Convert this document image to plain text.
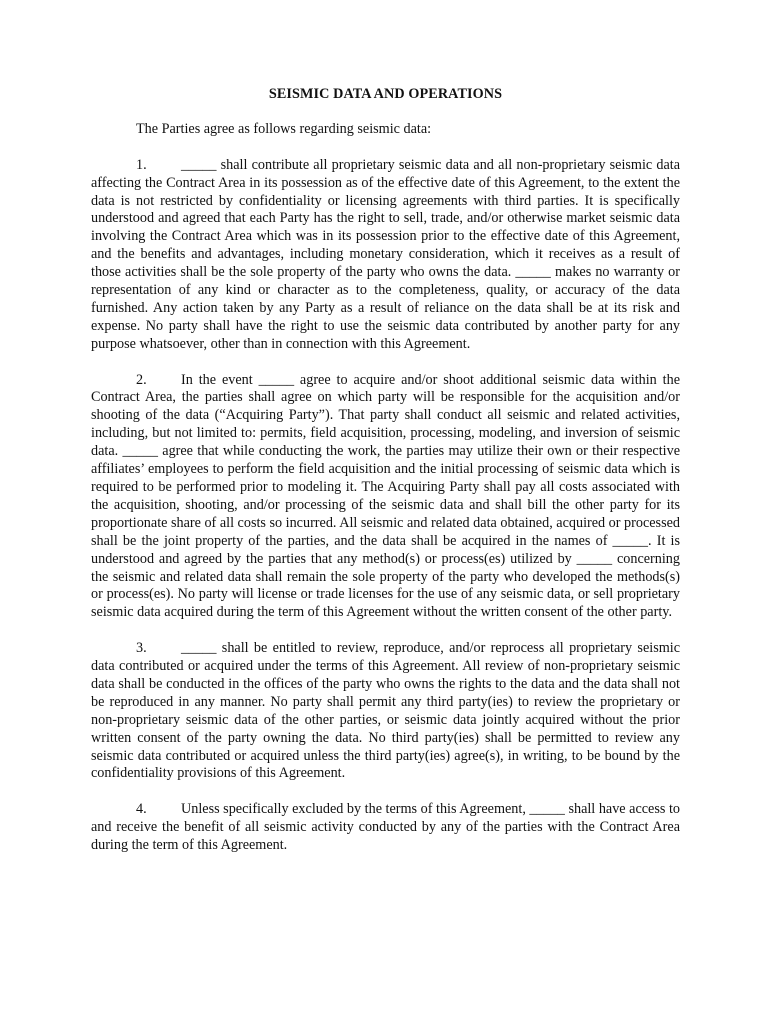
SEISMIC DATA AND OPERATIONS
The Parties agree as follows regarding seismic data:

1. _____ shall contribute all proprietary seismic data and all non-proprietary seismic data affecting the Contract Area in its possession as of the effective date of this Agreement, to the extent the data is not restricted by confidentiality or licensing agreements with third parties. It is specifically understood and agreed that each Party has the right to sell, trade, and/or otherwise market seismic data involving the Contract Area which was in its possession prior to the effective date of this Agreement, and the benefits and advantages, including monetary consideration, which it receives as a result of those activities shall be the sole property of the party who owns the data. _____ makes no warranty or representation of any kind or character as to the completeness, quality, or accuracy of the data furnished. Any action taken by any Party as a result of reliance on the data shall be at its risk and expense. No party shall have the right to use the seismic data contributed by another party for any purpose whatsoever, other than in connection with this Agreement.

2. In the event _____ agree to acquire and/or shoot additional seismic data within the Contract Area, the parties shall agree on which party will be responsible for the acquisition and/or shooting of the data (“Acquiring Party”). That party shall conduct all seismic and related activities, including, but not limited to: permits, field acquisition, processing, modeling, and inversion of seismic data. _____ agree that while conducting the work, the parties may utilize their own or their respective affiliates’ employees to perform the field acquisition and the initial processing of seismic data which is required to be performed prior to modeling it. The Acquiring Party shall pay all costs associated with the acquisition, shooting, and/or processing of the seismic data and shall bill the other party for its proportionate share of all costs so incurred. All seismic and related data obtained, acquired or processed shall be the joint property of the parties, and the data shall be acquired in the names of _____. It is understood and agreed by the parties that any method(s) or process(es) utilized by _____ concerning the seismic and related data shall remain the sole property of the party who developed the methods(s) or process(es). No party will license or trade licenses for the use of any seismic data, or sell proprietary seismic data acquired during the term of this Agreement without the written consent of the other party.

3. _____ shall be entitled to review, reproduce, and/or reprocess all proprietary seismic data contributed or acquired under the terms of this Agreement. All review of non-proprietary seismic data shall be conducted in the offices of the party who owns the rights to the data and the data shall not be reproduced in any manner. No party shall permit any third party(ies) to review the proprietary or non-proprietary seismic data of the other parties, or seismic data jointly acquired without the prior written consent of the party owning the data. No third party(ies) shall be permitted to review any seismic data contributed or acquired unless the third party(ies) agree(s), in writing, to be bound by the confidentiality provisions of this Agreement.

4. Unless specifically excluded by the terms of this Agreement, _____ shall have access to and receive the benefit of all seismic activity conducted by any of the parties with the Contract Area during the term of this Agreement.
